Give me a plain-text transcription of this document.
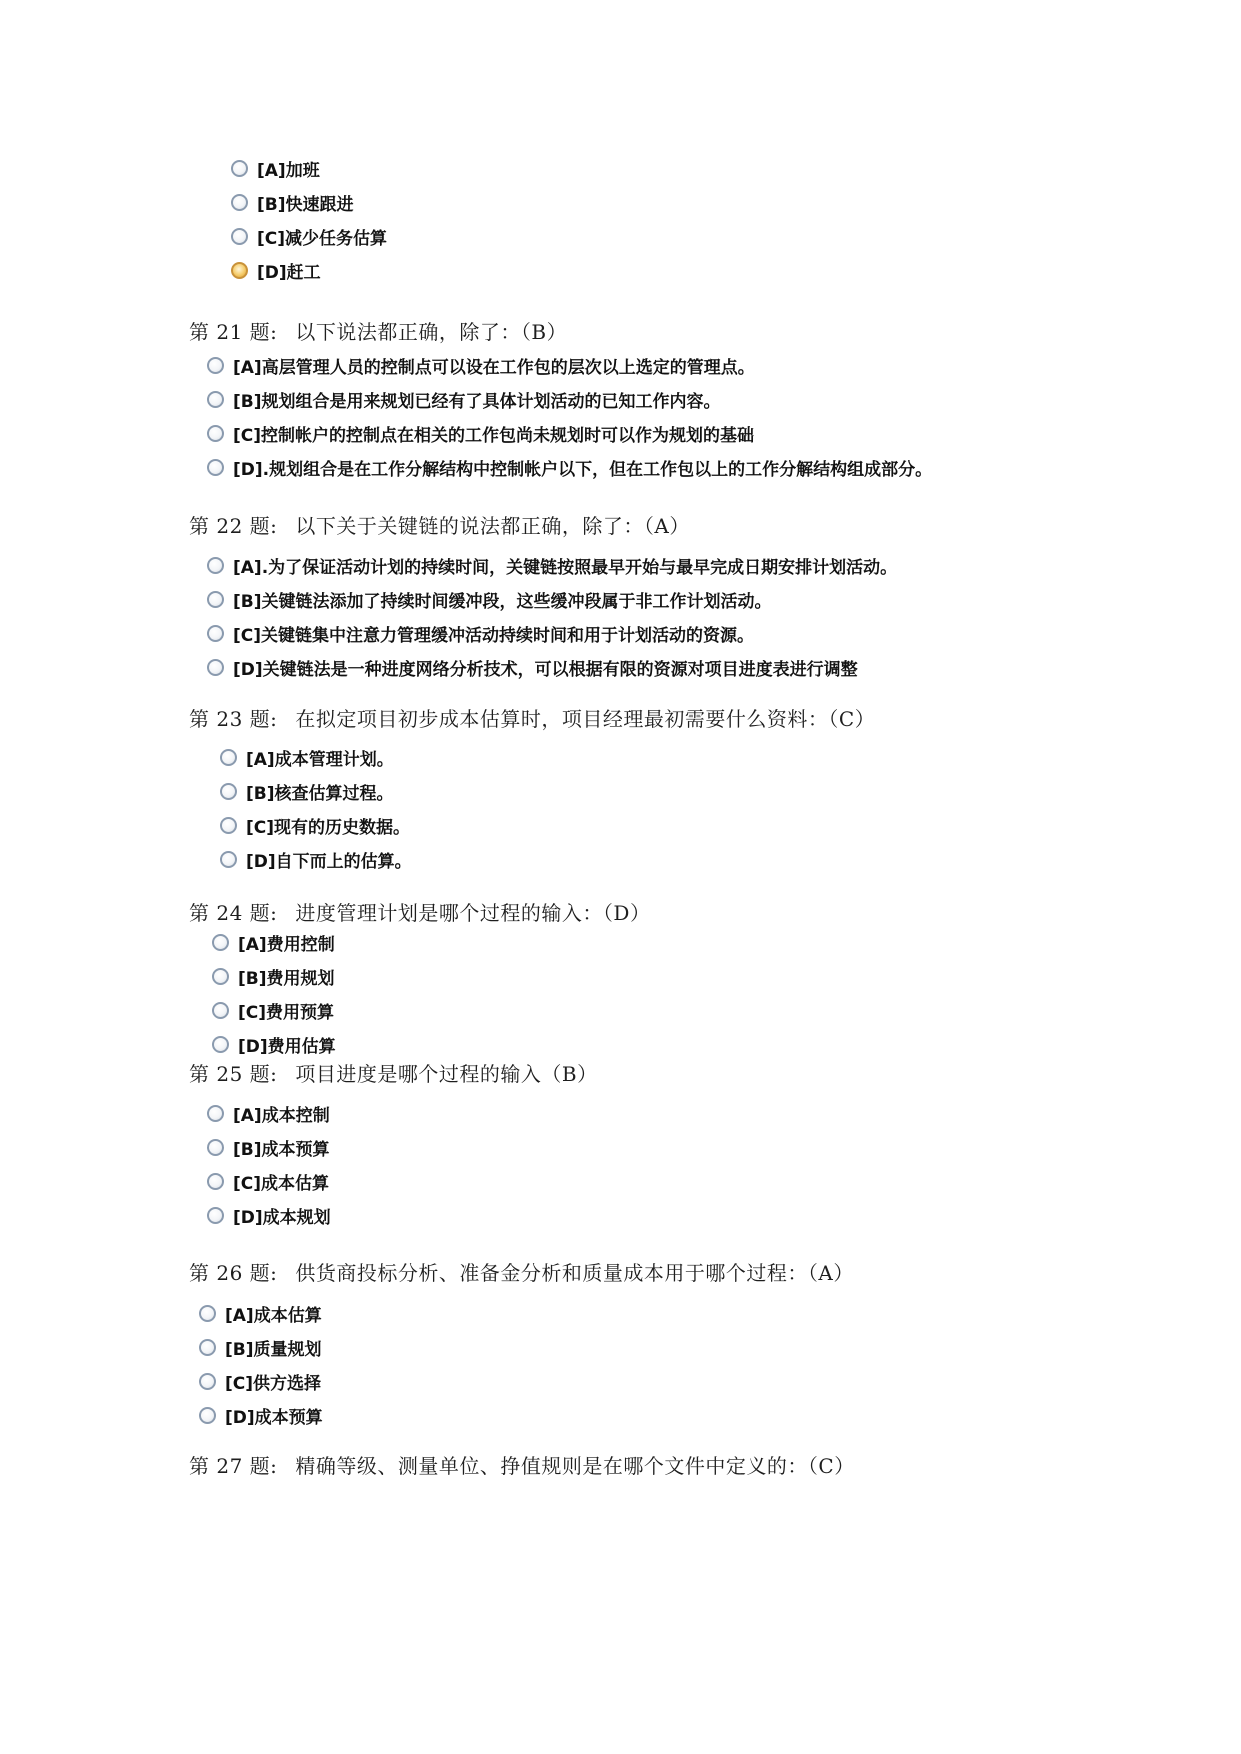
[A]加班
[B]快速跟进
[C]减少任务估算
[D]赶工
第 21 题: 以下说法都正确，除了：（B）
[A]高层管理人员的控制点可以设在工作包的层次以上选定的管理点。
[B]规划组合是用来规划已经有了具体计划活动的已知工作内容。
[C]控制帐户的控制点在相关的工作包尚未规划时可以作为规划的基础
[D].规划组合是在工作分解结构中控制帐户以下，但在工作包以上的工作分解结构组成部分。
第 22 题: 以下关于关键链的说法都正确，除了：（A）
[A].为了保证活动计划的持续时间，关键链按照最早开始与最早完成日期安排计划活动。
[B]关键链法添加了持续时间缓冲段，这些缓冲段属于非工作计划活动。
[C]关键链集中注意力管理缓冲活动持续时间和用于计划活动的资源。
[D]关键链法是一种进度网络分析技术，可以根据有限的资源对项目进度表进行调整
第 23 题: 在拟定项目初步成本估算时，项目经理最初需要什么资料：（C）
[A]成本管理计划。
[B]核查估算过程。
[C]现有的历史数据。
[D]自下而上的估算。
第 24 题: 进度管理计划是哪个过程的输入：（D）
[A]费用控制
[B]费用规划
[C]费用预算
[D]费用估算
第 25 题: 项目进度是哪个过程的输入（B）
[A]成本控制
[B]成本预算
[C]成本估算
[D]成本规划
第 26 题: 供货商投标分析、准备金分析和质量成本用于哪个过程：（A）
[A]成本估算
[B]质量规划
[C]供方选择
[D]成本预算
第 27 题: 精确等级、测量单位、挣值规则是在哪个文件中定义的：（C）
